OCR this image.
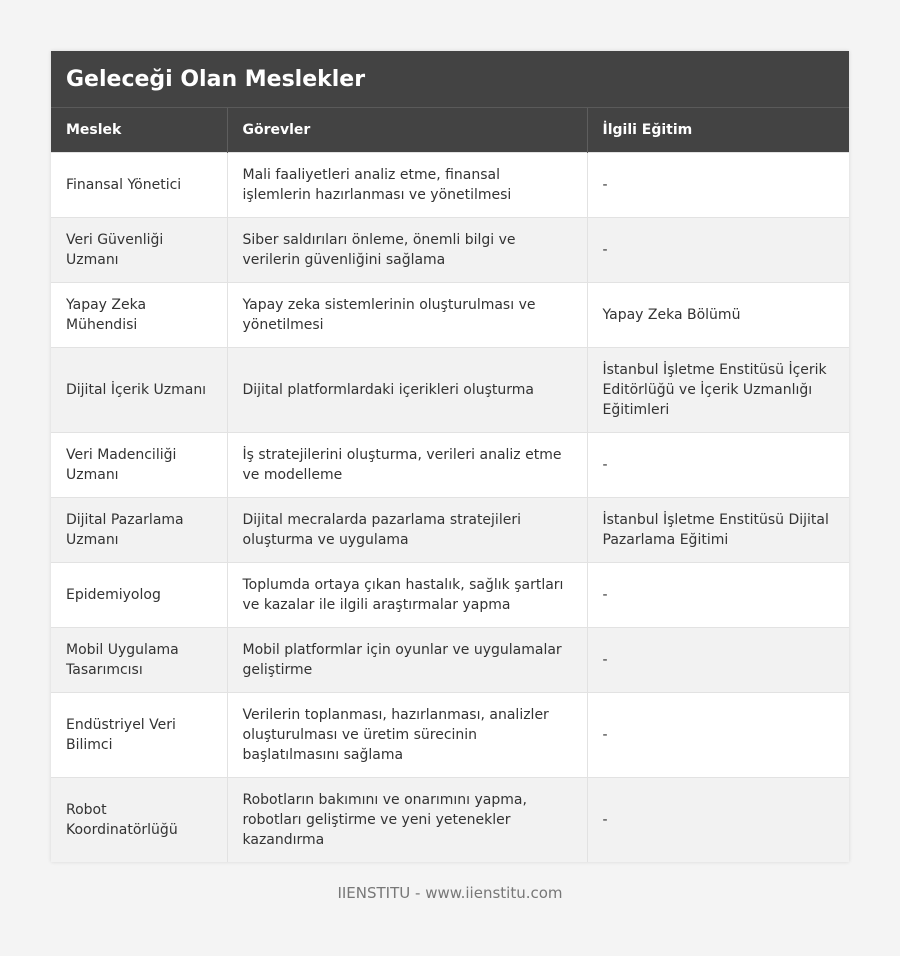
Geleceği Olan Meslekler
Meslek	Görevler	İlgili Eğitim
Finansal Yönetici	Mali faaliyetleri analiz etme, finansal işlemlerin hazırlanması ve yönetilmesi	-
Veri Güvenliği Uzmanı	Siber saldırıları önleme, önemli bilgi ve verilerin güvenliğini sağlama	-
Yapay Zeka Mühendisi	Yapay zeka sistemlerinin oluşturulması ve yönetilmesi	Yapay Zeka Bölümü
Dijital İçerik Uzmanı	Dijital platformlardaki içerikleri oluşturma	İstanbul İşletme Enstitüsü İçerik Editörlüğü ve İçerik Uzmanlığı Eğitimleri
Veri Madenciliği Uzmanı	İş stratejilerini oluşturma, verileri analiz etme ve modelleme	-
Dijital Pazarlama Uzmanı	Dijital mecralarda pazarlama stratejileri oluşturma ve uygulama	İstanbul İşletme Enstitüsü Dijital Pazarlama Eğitimi
Epidemiyolog	Toplumda ortaya çıkan hastalık, sağlık şartları ve kazalar ile ilgili araştırmalar yapma	-
Mobil Uygulama Tasarımcısı	Mobil platformlar için oyunlar ve uygulamalar geliştirme	-
Endüstriyel Veri Bilimci	Verilerin toplanması, hazırlanması, analizler oluşturulması ve üretim sürecinin başlatılmasını sağlama	-
Robot Koordinatörlüğü	Robotların bakımını ve onarımını yapma, robotları geliştirme ve yeni yetenekler kazandırma	-
IIENSTITU - www.iienstitu.com
